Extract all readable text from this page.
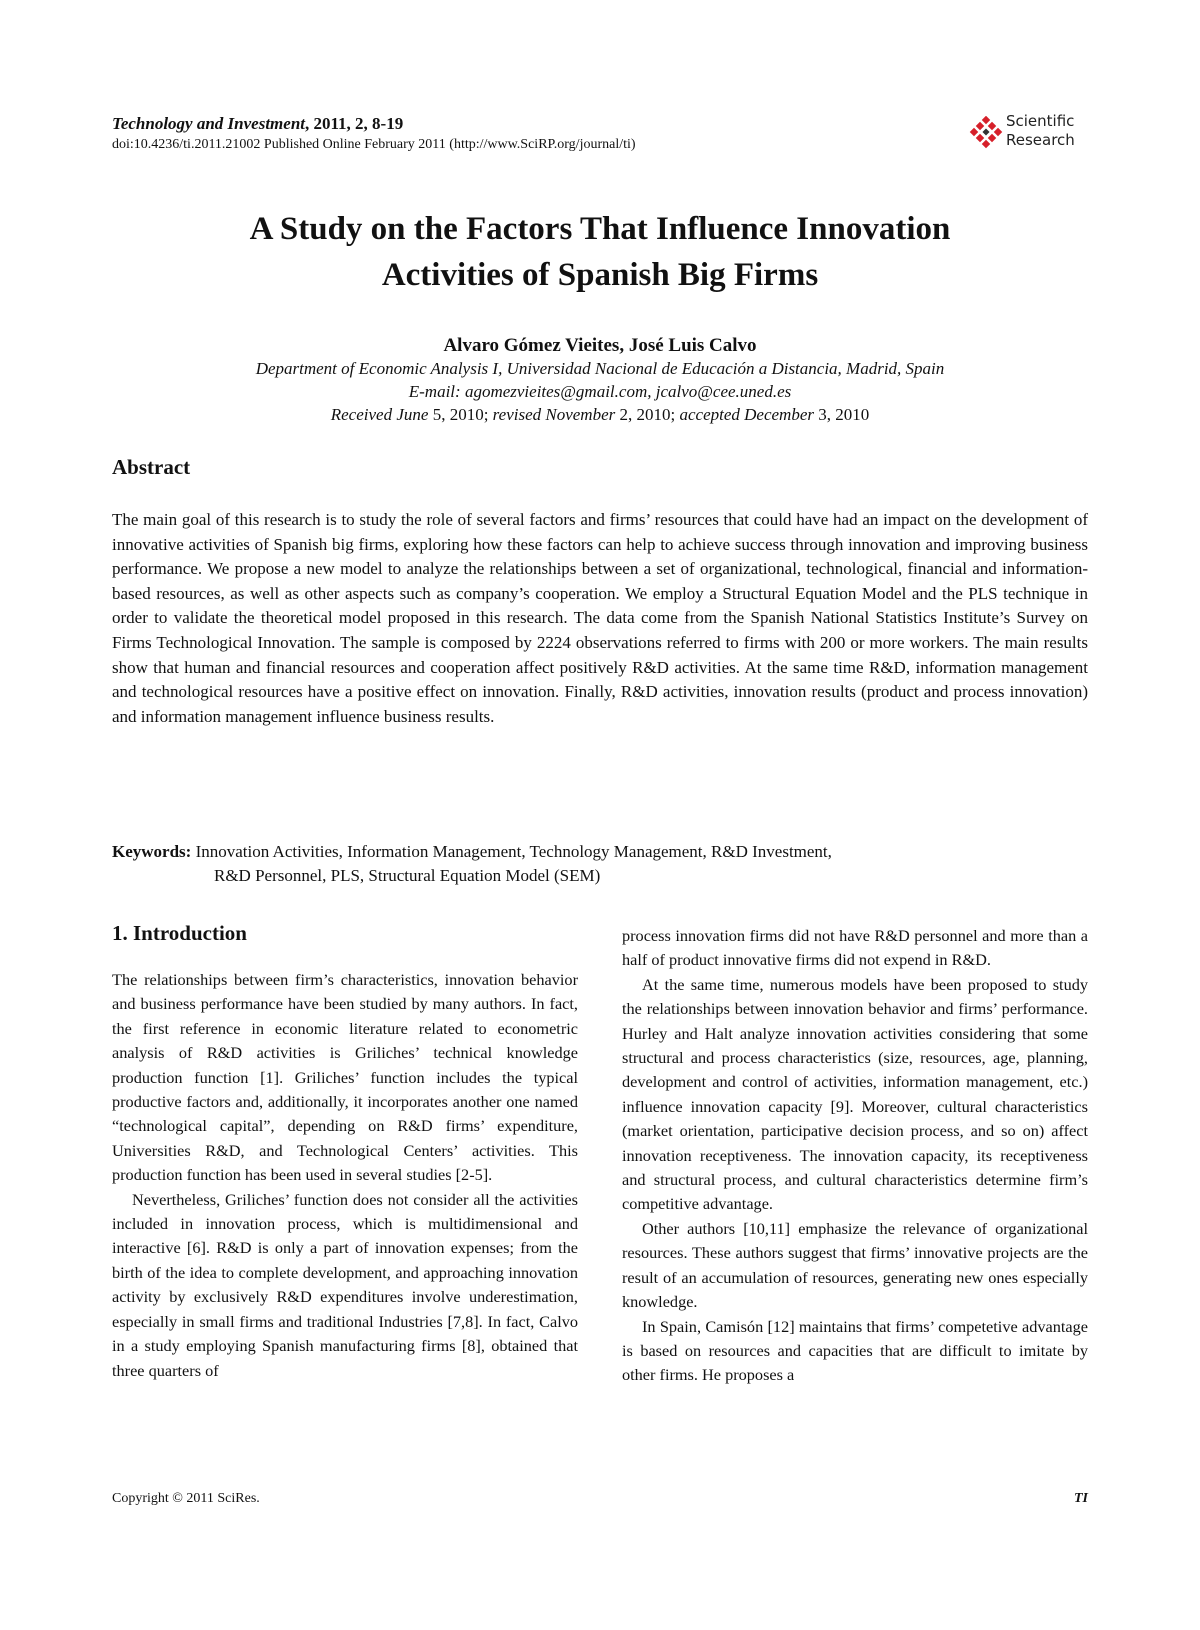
Technology and Investment, 2011, 2, 8-19
doi:10.4236/ti.2011.21002 Published Online February 2011 (http://www.SciRP.org/journal/ti)
Scientific
Research
A Study on the Factors That Influence Innovation
Activities of Spanish Big Firms
Alvaro Gómez Vieites, José Luis Calvo
Department of Economic Analysis I, Universidad Nacional de Educación a Distancia, Madrid, Spain
E-mail: agomezvieites@gmail.com, jcalvo@cee.uned.es
Received June 5, 2010; revised November 2, 2010; accepted December 3, 2010
Abstract

The main goal of this research is to study the role of several factors and firms’ resources that could have had an impact on the development of innovative activities of Spanish big firms, exploring how these factors can help to achieve success through innovation and improving business performance. We propose a new model to analyze the relationships between a set of organizational, technological, financial and information-based resources, as well as other aspects such as company’s cooperation. We employ a Structural Equation Model and the PLS technique in order to validate the theoretical model proposed in this research. The data come from the Spanish National Statistics Institute’s Survey on Firms Technological Innovation. The sample is composed by 2224 observations referred to firms with 200 or more workers. The main results show that human and financial resources and cooperation affect positively R&D activities. At the same time R&D, information management and technological resources have a positive effect on innovation. Finally, R&D activities, innovation results (product and process innovation) and information management influence business results.

Keywords: Innovation Activities, Information Management, Technology Management, R&D Investment,
R&D Personnel, PLS, Structural Equation Model (SEM)

1. Introduction

The relationships between firm’s characteristics, innovation behavior and business performance have been studied by many authors. In fact, the first reference in economic literature related to econometric analysis of R&D activities is Griliches’ technical knowledge production function [1]. Griliches’ function includes the typical productive factors and, additionally, it incorporates another one named “technological capital”, depending on R&D firms’ expenditure, Universities R&D, and Technological Centers’ activities. This production function has been used in several studies [2-5].

Nevertheless, Griliches’ function does not consider all the activities included in innovation process, which is multidimensional and interactive [6]. R&D is only a part of innovation expenses; from the birth of the idea to complete development, and approaching innovation activity by exclusively R&D expenditures involve underestimation, especially in small firms and traditional Industries [7,8]. In fact, Calvo in a study employing Spanish manufacturing firms [8], obtained that three quarters of

process innovation firms did not have R&D personnel and more than a half of product innovative firms did not expend in R&D.

At the same time, numerous models have been proposed to study the relationships between innovation behavior and firms’ performance. Hurley and Halt analyze innovation activities considering that some structural and process characteristics (size, resources, age, planning, development and control of activities, information management, etc.) influence innovation capacity [9]. Moreover, cultural characteristics (market orientation, participative decision process, and so on) affect innovation receptiveness. The innovation capacity, its receptiveness and structural process, and cultural characteristics determine firm’s competitive advantage.

Other authors [10,11] emphasize the relevance of organizational resources. These authors suggest that firms’ innovative projects are the result of an accumulation of resources, generating new ones especially knowledge.

In Spain, Camisón [12] maintains that firms’ competetive advantage is based on resources and capacities that are difficult to imitate by other firms. He proposes a

Copyright © 2011 SciRes.	TI
